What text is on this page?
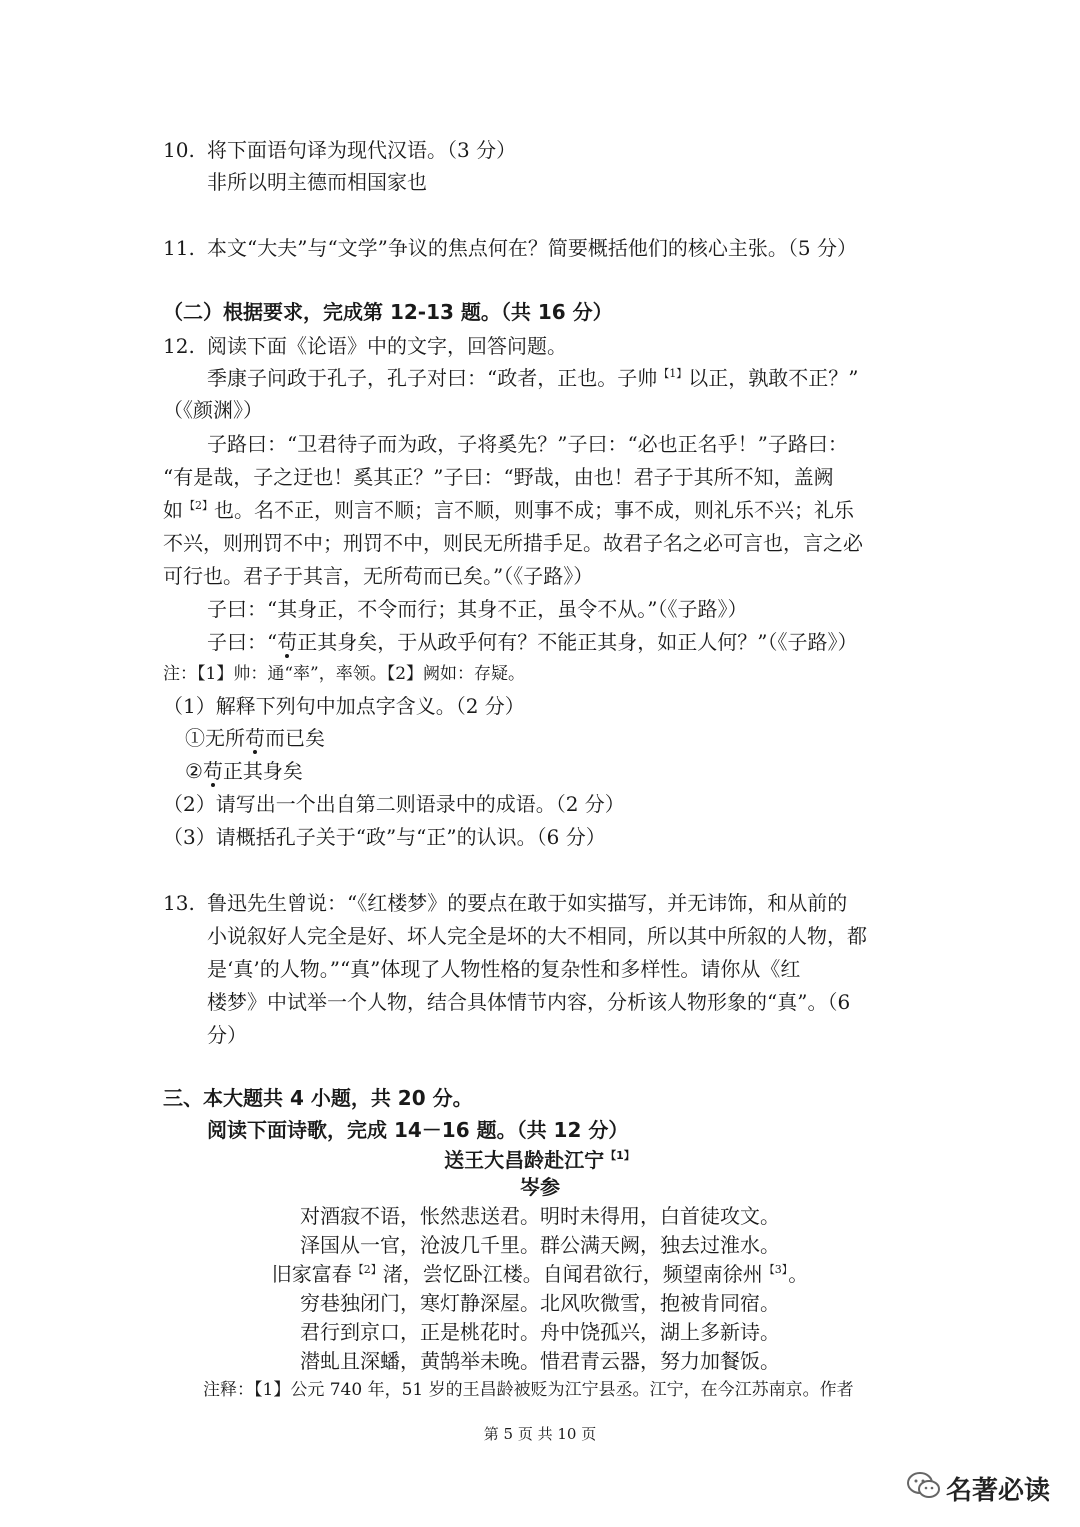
10. 将下面语句译为现代汉语。（3 分）
非所以明主德而相国家也
11. 本文“大夫”与“文学”争议的焦点何在？简要概括他们的核心主张。（5 分）
（二）根据要求，完成第 12-13 题。（共 16 分）
12. 阅读下面《论语》中的文字，回答问题。
季康子问政于孔子，孔子对曰：“政者，正也。子帅$^{【1】}$以正，孰敢不正？”
（《颜渊》）
子路曰：“卫君待子而为政，子将奚先？”子曰：“必也正名乎！”子路曰：
“有是哉，子之迂也！奚其正？”子曰：“野哉，由也！君子于其所不知，盖阙
如$^{【2】}$也。名不正，则言不顺；言不顺，则事不成；事不成，则礼乐不兴；礼乐
不兴，则刑罚不中；刑罚不中，则民无所措手足。故君子名之必可言也，言之必
可行也。君子于其言，无所苟而已矣。”（《子路》）
子曰：“其身正，不令而行；其身不正，虽令不从。”（《子路》）
子曰：“苟正其身矣，于从政乎何有？不能正其身，如正人何？”（《子路》）
注：【1】帅：通“率”，率领。【2】阙如：存疑。
（1）解释下列句中加点字含义。（2 分）
①无所苟而已矣
②苟正其身矣
（2）请写出一个出自第二则语录中的成语。（2 分）
（3）请概括孔子关于“政”与“正”的认识。（6 分）
13. 鲁迅先生曾说：“《红楼梦》的要点在敢于如实描写，并无讳饰，和从前的
小说叙好人完全是好、坏人完全是坏的大不相同，所以其中所叙的人物，都
是‘真’的人物。”“真”体现了人物性格的复杂性和多样性。请你从《红
楼梦》中试举一个人物，结合具体情节内容，分析该人物形象的“真”。（6
分）
三、本大题共 4 小题，共 20 分。
阅读下面诗歌，完成 14－16 题。（共 12 分）
送王大昌龄赴江宁$^{【1】}$
岑参
对酒寂不语，怅然悲送君。明时未得用，白首徒攻文。
泽国从一官，沧波几千里。群公满天阙，独去过淮水。
旧家富春$^{【2】}$渚，尝忆卧江楼。自闻君欲行，频望南徐州$^{【3】}$。
穷巷独闭门，寒灯静深屋。北风吹微雪，抱被肯同宿。
君行到京口，正是桃花时。舟中饶孤兴，湖上多新诗。
潜虬且深蟠，黄鹄举未晚。惜君青云器，努力加餐饭。
注释：【1】公元 740 年，51 岁的王昌龄被贬为江宁县丞。江宁，在今江苏南京。作者
第 5 页 共 10 页
名著必读
